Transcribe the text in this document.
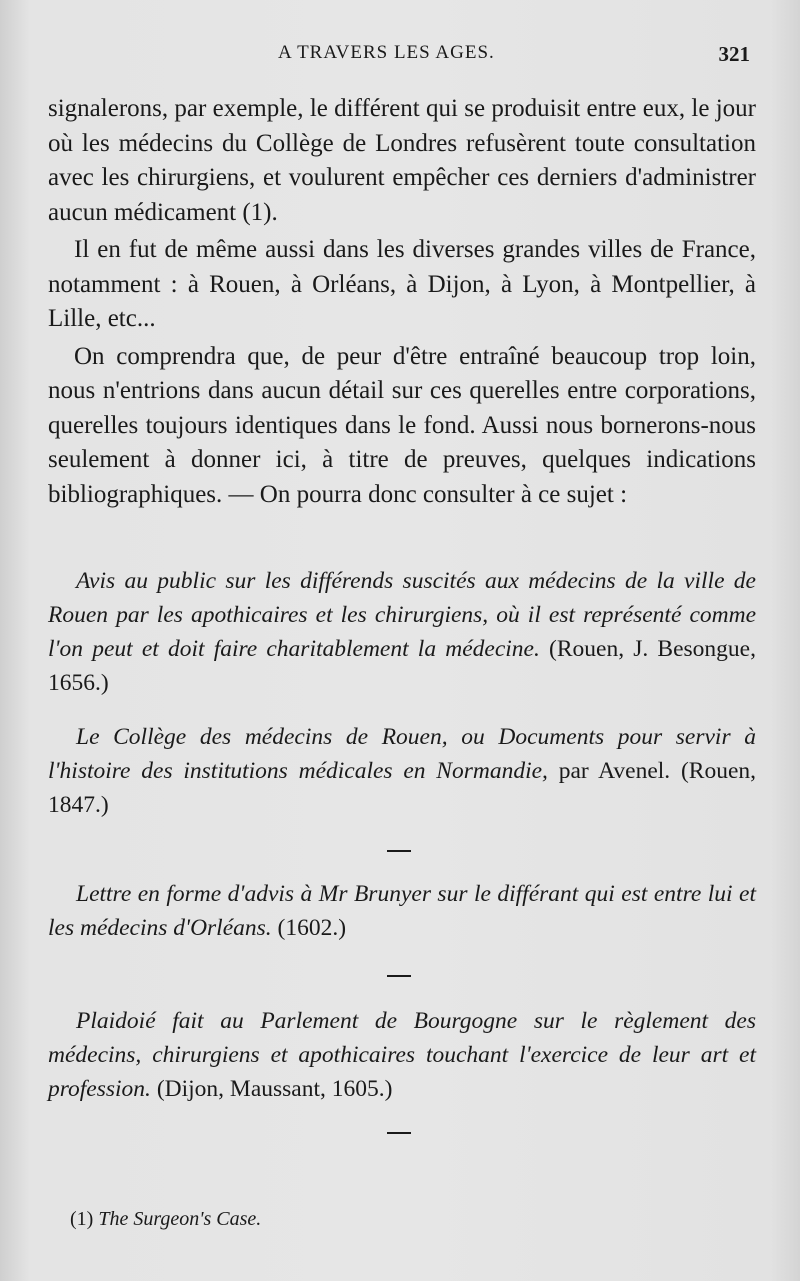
A TRAVERS LES AGES.	321

signalerons, par exemple, le différent qui se produisit entre eux, le jour où les médecins du Collège de Londres refusèrent toute consultation avec les chirurgiens, et voulurent empêcher ces derniers d'administrer aucun médicament (1).

Il en fut de même aussi dans les diverses grandes villes de France, notamment : à Rouen, à Orléans, à Dijon, à Lyon, à Montpellier, à Lille, etc...

On comprendra que, de peur d'être entraîné beaucoup trop loin, nous n'entrions dans aucun détail sur ces querelles entre corporations, querelles toujours identiques dans le fond. Aussi nous bornerons-nous seulement à donner ici, à titre de preuves, quelques indications bibliographiques. — On pourra donc consulter à ce sujet :

Avis au public sur les différends suscités aux médecins de la ville de Rouen par les apothicaires et les chirurgiens, où il est représenté comme l'on peut et doit faire charitablement la médecine. (Rouen, J. Besongue, 1656.)

Le Collège des médecins de Rouen, ou Documents pour servir à l'histoire des institutions médicales en Normandie, par Avenel. (Rouen, 1847.)

Lettre en forme d'advis à Mr Brunyer sur le différant qui est entre lui et les médecins d'Orléans. (1602.)

Plaidoié fait au Parlement de Bourgogne sur le règlement des médecins, chirurgiens et apothicaires touchant l'exercice de leur art et profession. (Dijon, Maussant, 1605.)

(1) The Surgeon's Case.
